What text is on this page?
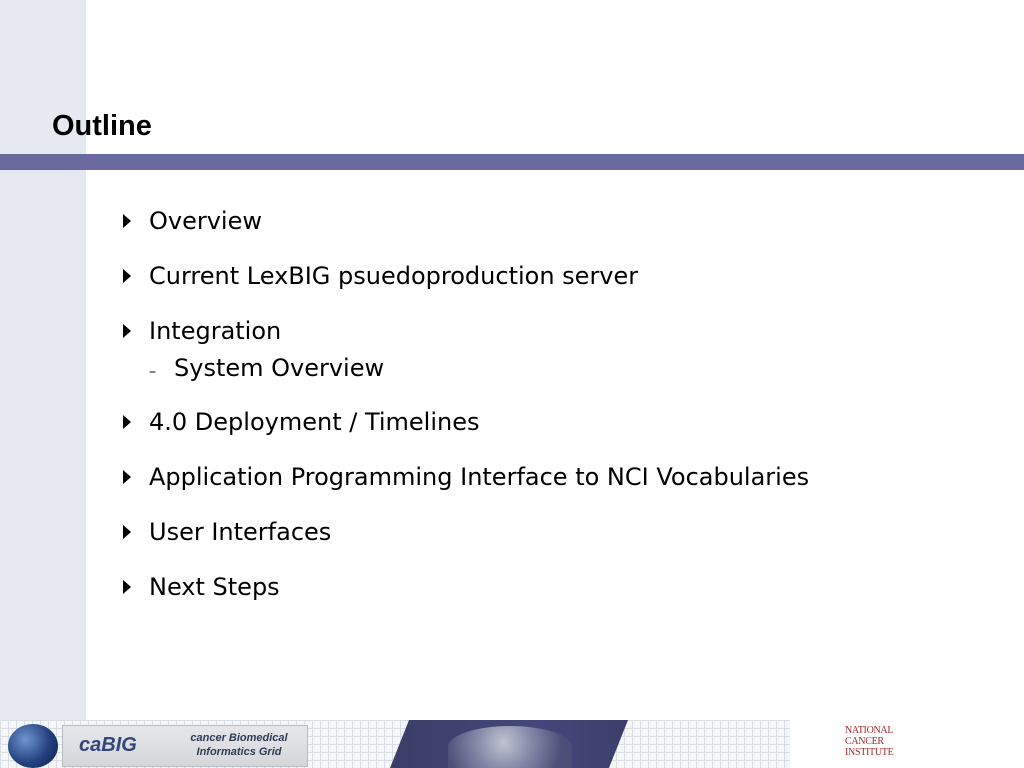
Outline
Overview
Current LexBIG psuedoproduction server
Integration
– System Overview
4.0 Deployment / Timelines
Application Programming Interface to NCI Vocabularies
User Interfaces
Next Steps
caBIG	cancer Biomedical
Informatics Grid
NATIONAL
CANCER
INSTITUTE
